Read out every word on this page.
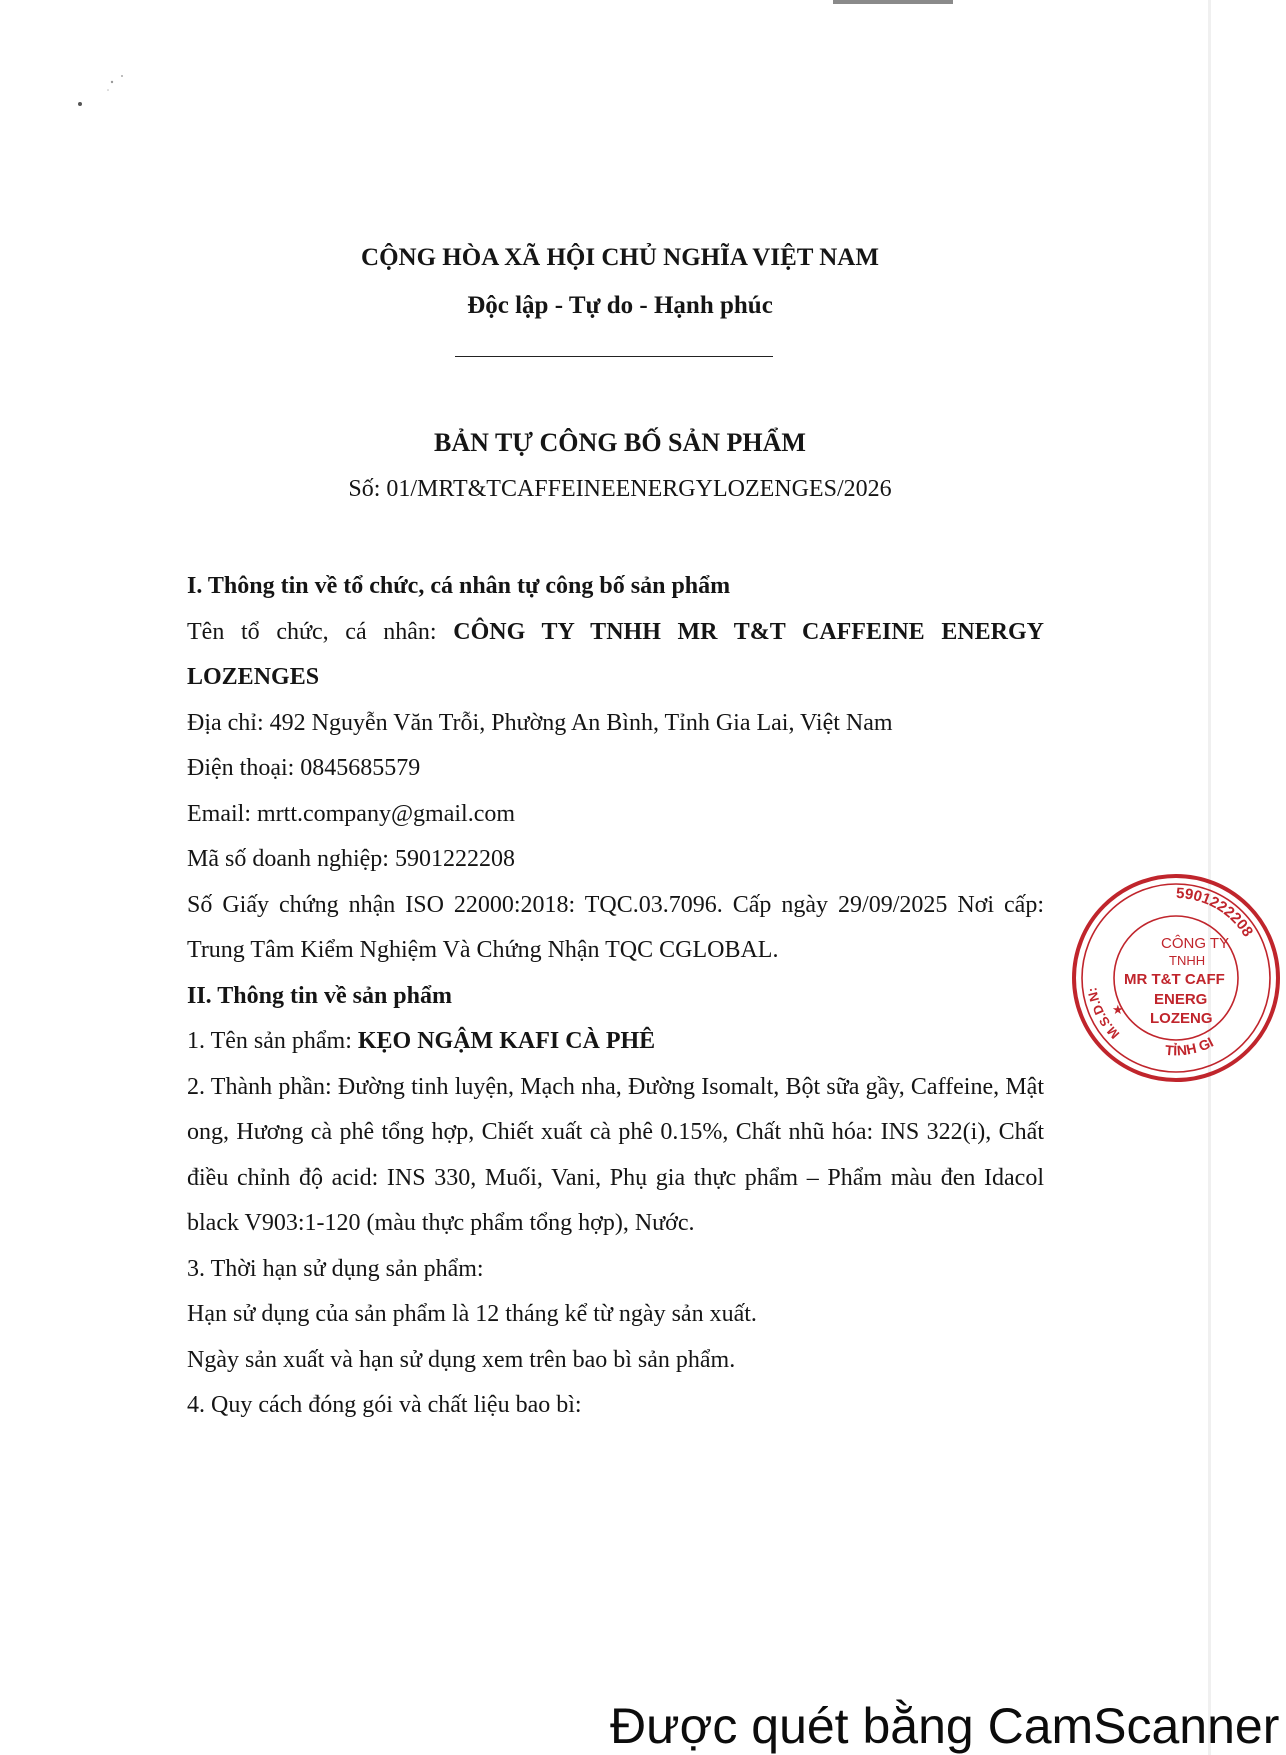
CỘNG HÒA XÃ HỘI CHỦ NGHĨA VIỆT NAM
Độc lập - Tự do - Hạnh phúc
BẢN TỰ CÔNG BỐ SẢN PHẨM
Số: 01/MRT&TCAFFEINEENERGYLOZENGES/2026

I. Thông tin về tổ chức, cá nhân tự công bố sản phẩm

Tên tổ chức, cá nhân: CÔNG TY TNHH MR T&T CAFFEINE ENERGY LOZENGES

Địa chỉ: 492 Nguyễn Văn Trỗi, Phường An Bình, Tỉnh Gia Lai, Việt Nam

Điện thoại: 0845685579

Email: mrtt.company@gmail.com

Mã số doanh nghiệp: 5901222208

Số Giấy chứng nhận ISO 22000:2018: TQC.03.7096. Cấp ngày 29/09/2025 Nơi cấp: Trung Tâm Kiểm Nghiệm Và Chứng Nhận TQC CGLOBAL.

II. Thông tin về sản phẩm

1. Tên sản phẩm: KẸO NGẬM KAFI CÀ PHÊ

2. Thành phần: Đường tinh luyện, Mạch nha, Đường Isomalt, Bột sữa gầy, Caffeine, Mật ong, Hương cà phê tổng hợp, Chiết xuất cà phê 0.15%, Chất nhũ hóa: INS 322(i), Chất điều chỉnh độ acid: INS 330, Muối, Vani, Phụ gia thực phẩm – Phẩm màu đen Idacol black V903:1-120 (màu thực phẩm tổng hợp), Nước.

3. Thời hạn sử dụng sản phẩm:

Hạn sử dụng của sản phẩm là 12 tháng kể từ ngày sản xuất.

Ngày sản xuất và hạn sử dụng xem trên bao bì sản phẩm.

4. Quy cách đóng gói và chất liệu bao bì:

5901222208
M.S.D.N:
TỈNH GI
CÔNG TY
TNHH
MR T&T CAFF
ENERG
LOZENG
★
Được quét bằng CamScanner
